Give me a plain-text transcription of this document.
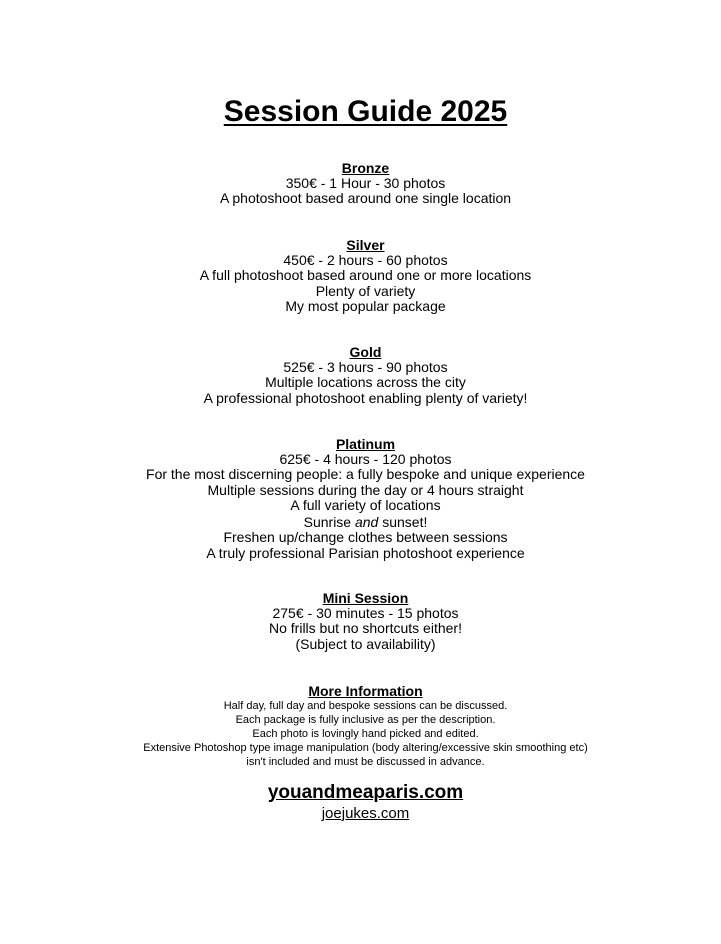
Session Guide 2025
Bronze
350€ - 1 Hour - 30 photos
A photoshoot based around one single location
Silver
450€ - 2 hours - 60 photos
A full photoshoot based around one or more locations
Plenty of variety
My most popular package
Gold
525€ - 3 hours - 90 photos
Multiple locations across the city
A professional photoshoot enabling plenty of variety!
Platinum
625€ - 4 hours - 120 photos
For the most discerning people: a fully bespoke and unique experience
Multiple sessions during the day or 4 hours straight
A full variety of locations
Sunrise and sunset!
Freshen up/change clothes between sessions
A truly professional Parisian photoshoot experience
Mini Session
275€ - 30 minutes - 15 photos
No frills but no shortcuts either!
(Subject to availability)
More Information
Half day, full day and bespoke sessions can be discussed.
Each package is fully inclusive as per the description.
Each photo is lovingly hand picked and edited.
Extensive Photoshop type image manipulation (body altering/excessive skin smoothing etc)
isn't included and must be discussed in advance.
youandmeaparis.com
joejukes.com
